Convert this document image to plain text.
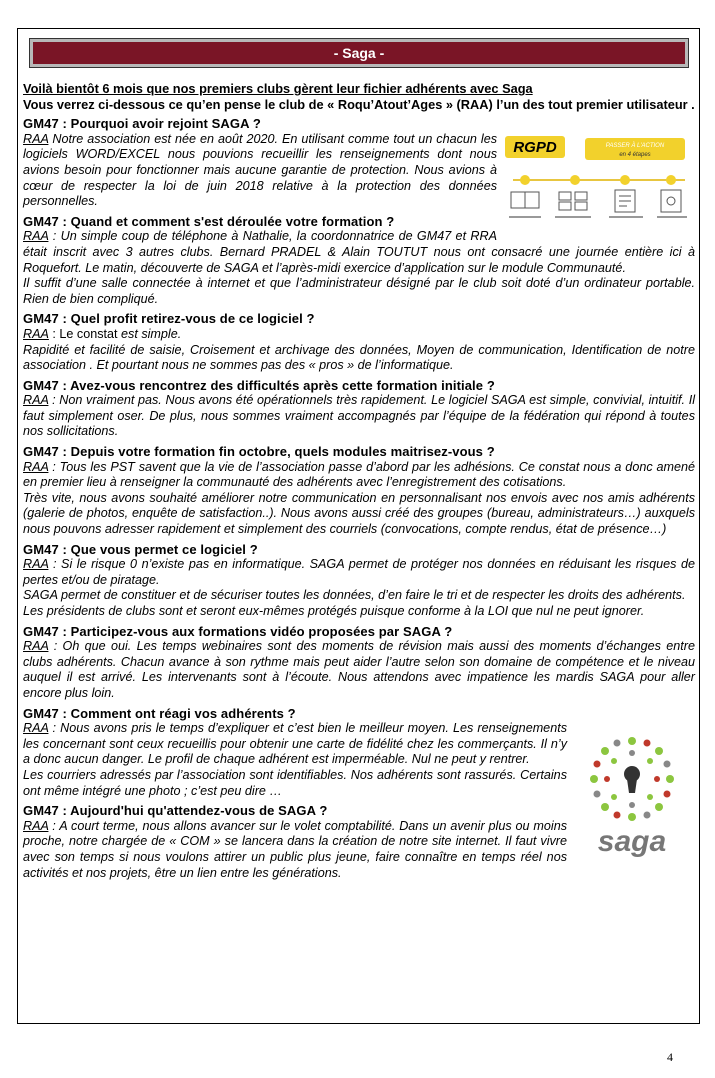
- Saga -
Voilà bientôt 6 mois que nos premiers clubs gèrent leur fichier adhérents avec Saga
Vous verrez ci-dessous ce qu’en pense le club de « Roqu’Atout’Ages » (RAA) l’un des tout premier utilisateur .
GM47 : Pourquoi avoir rejoint SAGA ?
RGPD	PASSER À L'ACTION
en 4 étapes

RAA Notre association est née en août 2020. En utilisant comme tout un chacun les logiciels WORD/EXCEL nous pouvions recueillir les renseignements dont nous avions besoin pour fonctionner mais aucune garantie de protection. Nous avions à cœur de respecter la loi de juin 2018 relative à la protection des données personnelles.

GM47 : Quand et comment s'est déroulée votre formation ?

RAA : Un simple coup de téléphone à Nathalie, la coordonnatrice de GM47 et RRA était inscrit avec 3 autres clubs. Bernard PRADEL & Alain TOUTUT nous ont consacré une journée entière ici à Roquefort. Le matin, découverte de SAGA et l’après-midi exercice d’application sur le module Communauté.

Il suffit d’une salle connectée à internet et que l’administrateur désigné par le club soit doté d’un ordinateur portable. Rien de bien compliqué.

GM47 : Quel profit retirez-vous de ce logiciel ?

RAA : Le constat est simple.

Rapidité et facilité de saisie, Croisement et archivage des données, Moyen de communication, Identification de notre association . Et pourtant nous ne sommes pas des « pros » de l’informatique.

GM47 : Avez-vous rencontrez des difficultés après cette formation initiale ?

RAA : Non vraiment pas. Nous avons été opérationnels très rapidement. Le logiciel SAGA est simple, convivial, intuitif. Il faut simplement oser. De plus, nous sommes vraiment accompagnés par l’équipe de la fédération qui répond à toutes nos sollicitations.

GM47 : Depuis votre formation fin octobre, quels modules maitrisez-vous ?

RAA : Tous les PST savent que la vie de l’association passe d’abord par les adhésions. Ce constat nous a donc amené en premier lieu à renseigner la communauté des adhérents avec l’enregistrement des cotisations.

Très vite, nous avons souhaité améliorer notre communication en personnalisant nos envois avec nos amis adhérents (galerie de photos, enquête de satisfaction..). Nous avons aussi créé des groupes (bureau, administrateurs…) auxquels nous pouvons adresser rapidement et simplement des courriels (convocations, compte rendus, état de présence…)

GM47 : Que vous permet ce logiciel ?

RAA : Si le risque 0 n’existe pas en informatique. SAGA permet de protéger nos données en réduisant les risques de pertes et/ou de piratage.

SAGA permet de constituer et de sécuriser toutes les données, d’en faire le tri et de respecter les droits des adhérents.

Les présidents de clubs sont et seront eux-mêmes protégés puisque conforme à la LOI que nul ne peut ignorer.

GM47 : Participez-vous aux formations vidéo proposées par SAGA ?

RAA : Oh que oui. Les temps webinaires sont des moments de révision mais aussi des moments d’échanges entre clubs adhérents. Chacun avance à son rythme mais peut aider l’autre selon son domaine de compétence et le niveau auquel il est arrivé. Les intervenants sont à l’écoute. Nous attendons avec impatience les mardis SAGA pour aller encore plus loin.

GM47 : Comment ont réagi vos adhérents ?
saga

RAA : Nous avons pris le temps d’expliquer et c’est bien le meilleur moyen. Les renseignements les concernant sont ceux recueillis pour obtenir une carte de fidélité chez les commerçants. Il n’y a donc aucun danger. Le profil de chaque adhérent est imperméable. Nul ne peut y rentrer.

Les courriers adressés par l’association sont identifiables. Nos adhérents sont rassurés. Certains ont même intégré une photo ; c’est peu dire …

GM47 : Aujourd'hui qu'attendez-vous de SAGA ?

RAA : A court terme, nous allons avancer sur le volet comptabilité. Dans un avenir plus ou moins proche, notre chargée de « COM » se lancera dans la création de notre site internet. Il faut vivre avec son temps si nous voulons attirer un public plus jeune, faire connaître en temps réel nos activités et nos projets, être un lien entre les générations.

4
